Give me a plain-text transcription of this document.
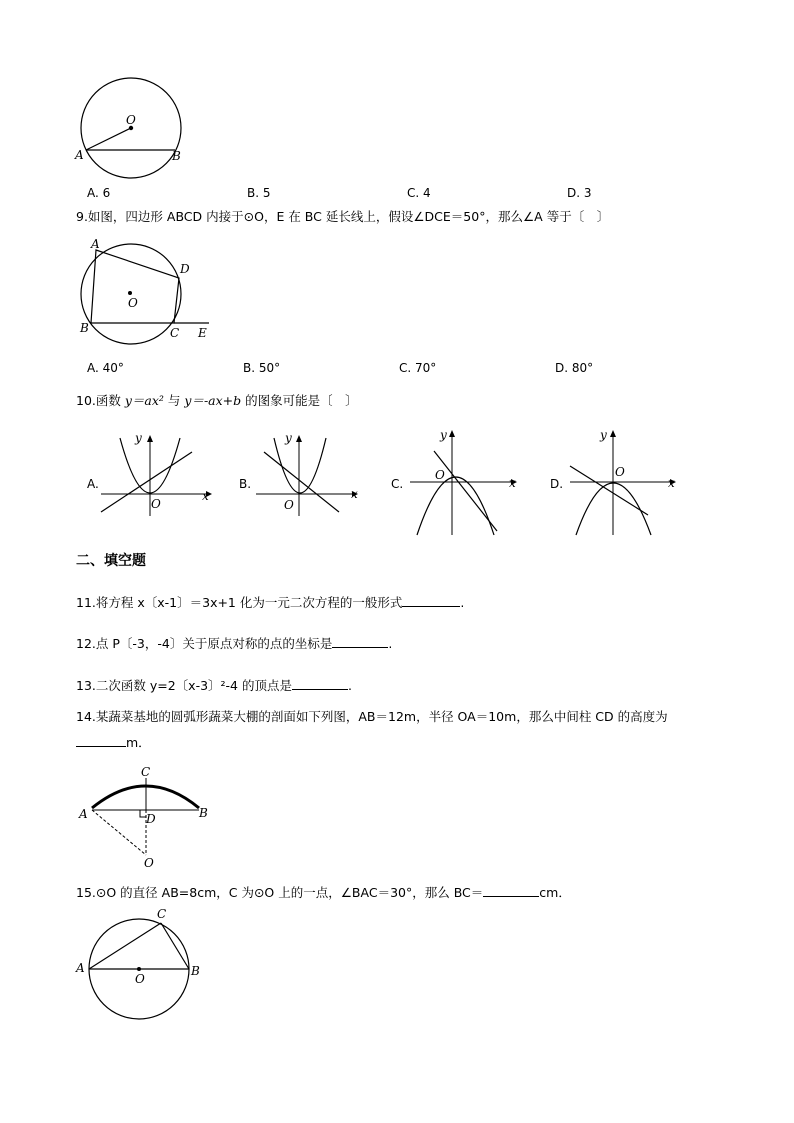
O
A	B
A. 6	B. 5	C. 4	D. 3
9.如图，四边形 ABCD 内接于⊙O，E 在 BC 延长线上，假设∠DCE＝50°，那么∠A 等于〔　〕
A
D
O
B	C E
A. 40°	B. 50°	C. 70°	D. 80°
10.函数 y＝ax² 与 y＝-ax+b 的图象可能是〔　〕
A.
x
y
O
B.
x
y
O
C.	x
y
O
D.	x
y
O
二、填空题
11.将方程 x〔x-1〕＝3x+1 化为一元二次方程的一般形式	.
12.点 P〔-3，-4〕关于原点对称的点的坐标是	.
13.二次函数 y=2〔x-3〕²-4 的顶点是	.
14.某蔬菜基地的圆弧形蔬菜大棚的剖面如下列图，AB＝12m，半径 OA＝10m，那么中间柱 CD 的高度为
m．
C
A	D	B
O
15.⊙O 的直径 AB=8cm，C 为⊙O 上的一点，∠BAC＝30°，那么 BC＝	cm．
C
A	B
O
